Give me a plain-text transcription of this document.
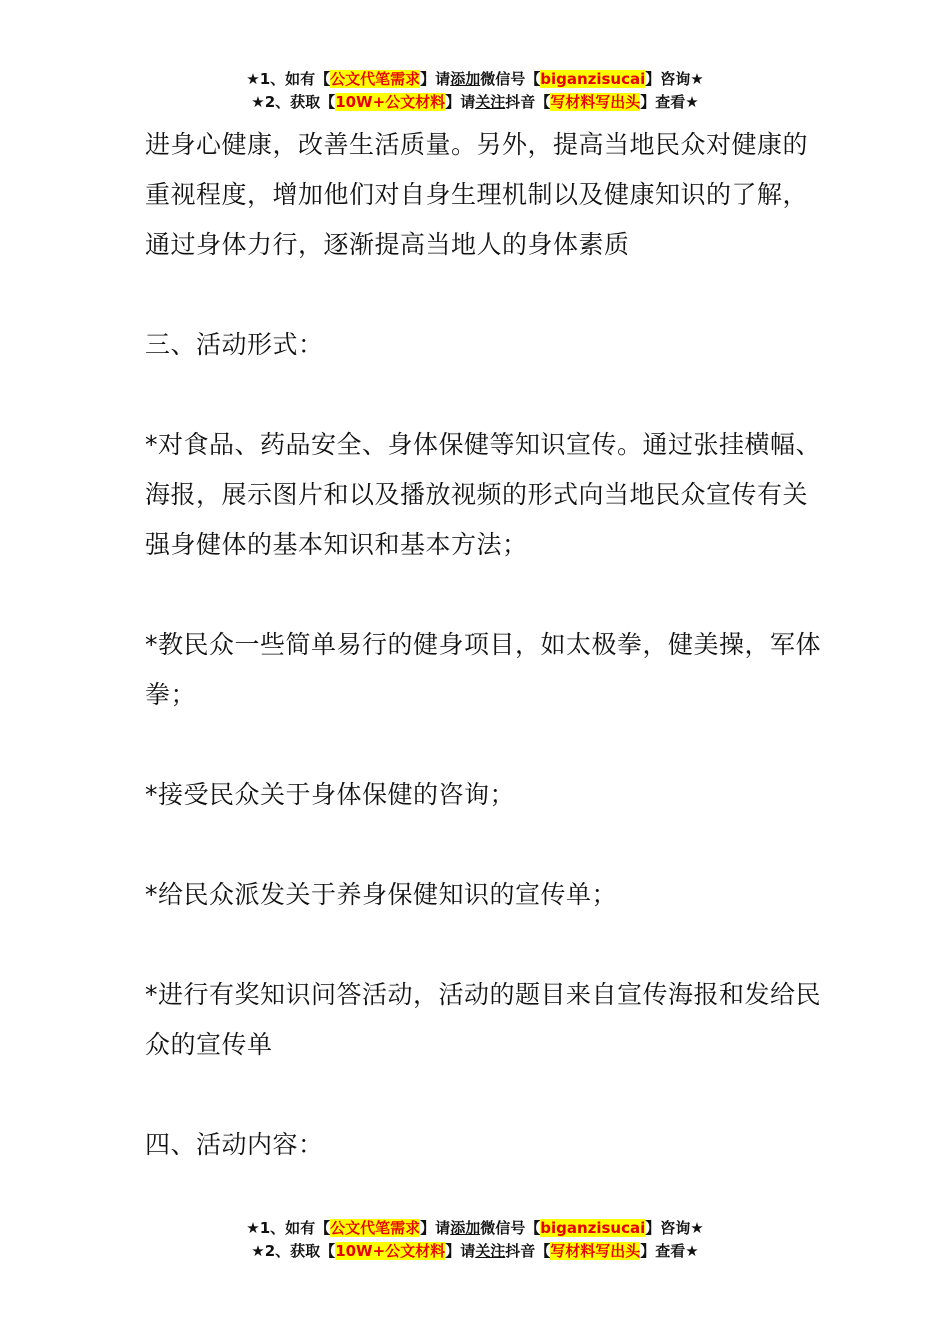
★1、如有【公文代笔需求】请添加微信号【biganzisucai】咨询★
★2、获取【10W+公文材料】请关注抖音【写材料写出头】查看★

进身心健康，改善生活质量。另外，提高当地民众对健康的重视程度，增加他们对自身生理机制以及健康知识的了解，通过身体力行，逐渐提高当地人的身体素质

三、活动形式：

*对食品、药品安全、身体保健等知识宣传。通过张挂横幅、海报，展示图片和以及播放视频的形式向当地民众宣传有关强身健体的基本知识和基本方法；

*教民众一些简单易行的健身项目，如太极拳，健美操，军体拳；

*接受民众关于身体保健的咨询；

*给民众派发关于养身保健知识的宣传单；

*进行有奖知识问答活动，活动的题目来自宣传海报和发给民众的宣传单

四、活动内容：

★1、如有【公文代笔需求】请添加微信号【biganzisucai】咨询★
★2、获取【10W+公文材料】请关注抖音【写材料写出头】查看★
